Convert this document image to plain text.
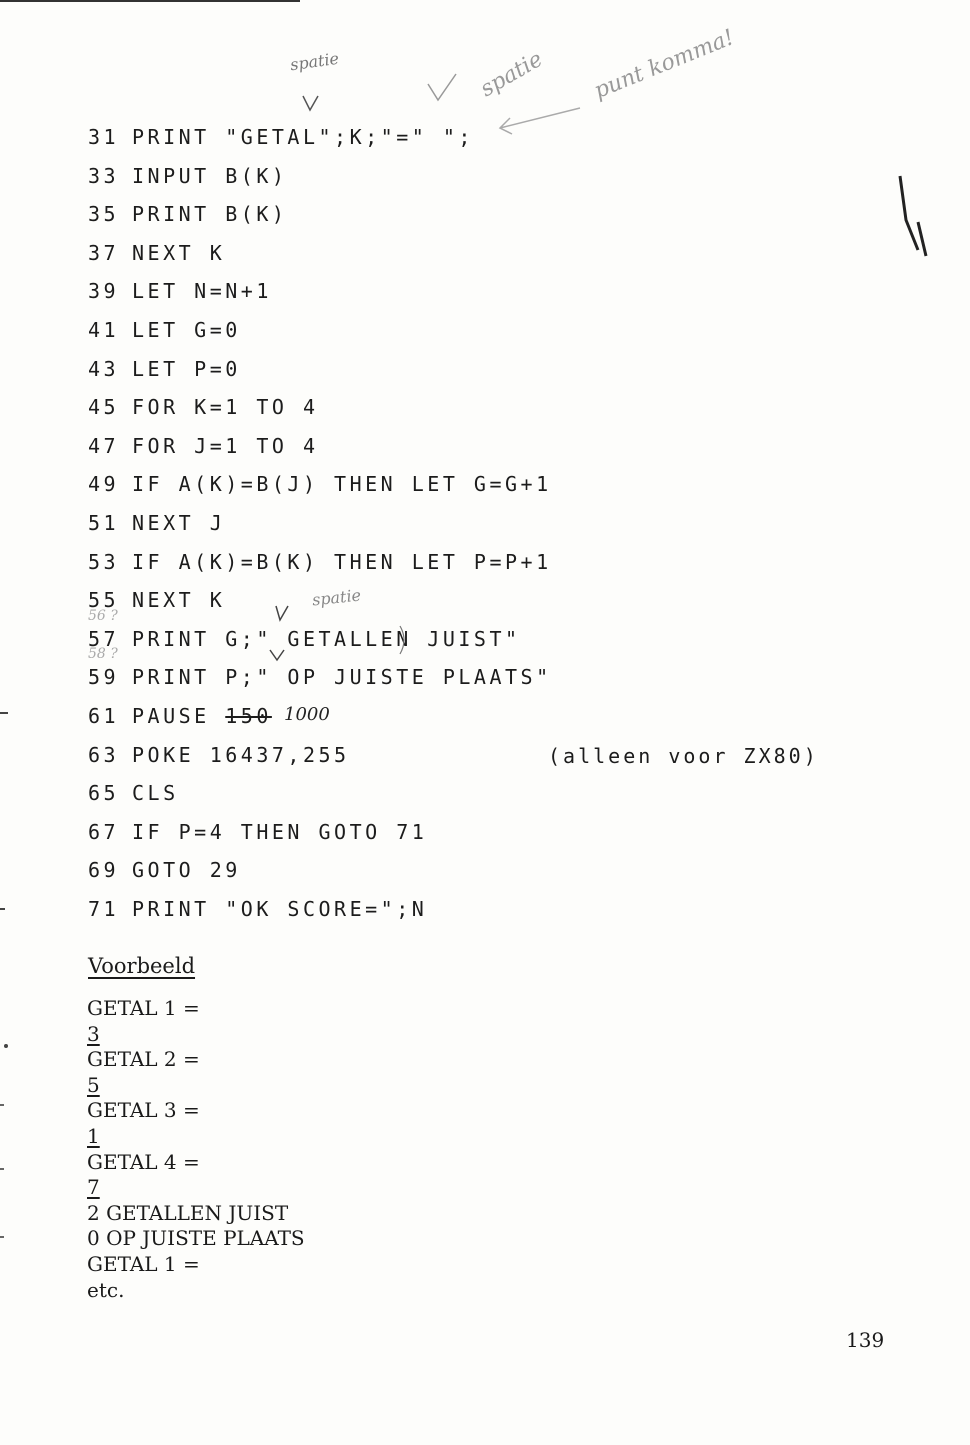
31 PRINT "GETAL";K;"=" ";
33 INPUT B(K)
35 PRINT B(K)
37 NEXT K
39 LET N=N+1
41 LET G=0
43 LET P=0
45 FOR K=1 TO 4
47 FOR J=1 TO 4
49 IF A(K)=B(J) THEN LET G=G+1
51 NEXT J
53 IF A(K)=B(K) THEN LET P=P+1
55 NEXT K
57 PRINT G;" GETALLEN JUIST"
59 PRINT P;" OP JUISTE PLAATS"
61 PAUSE 150
63 POKE 16437,255
65 CLS
67 IF P=4 THEN GOTO 71
69 GOTO 29
71 PRINT "OK SCORE=";N
(alleen voor ZX80)
spatie	spatie punt komma!
spatie
56 ?
58 ?
1000
Voorbeeld
GETAL 1 =
3
GETAL 2 =
5
GETAL 3 =
1
GETAL 4 =
7
2 GETALLEN JUIST
0 OP JUISTE PLAATS
GETAL 1 =
etc.
139
